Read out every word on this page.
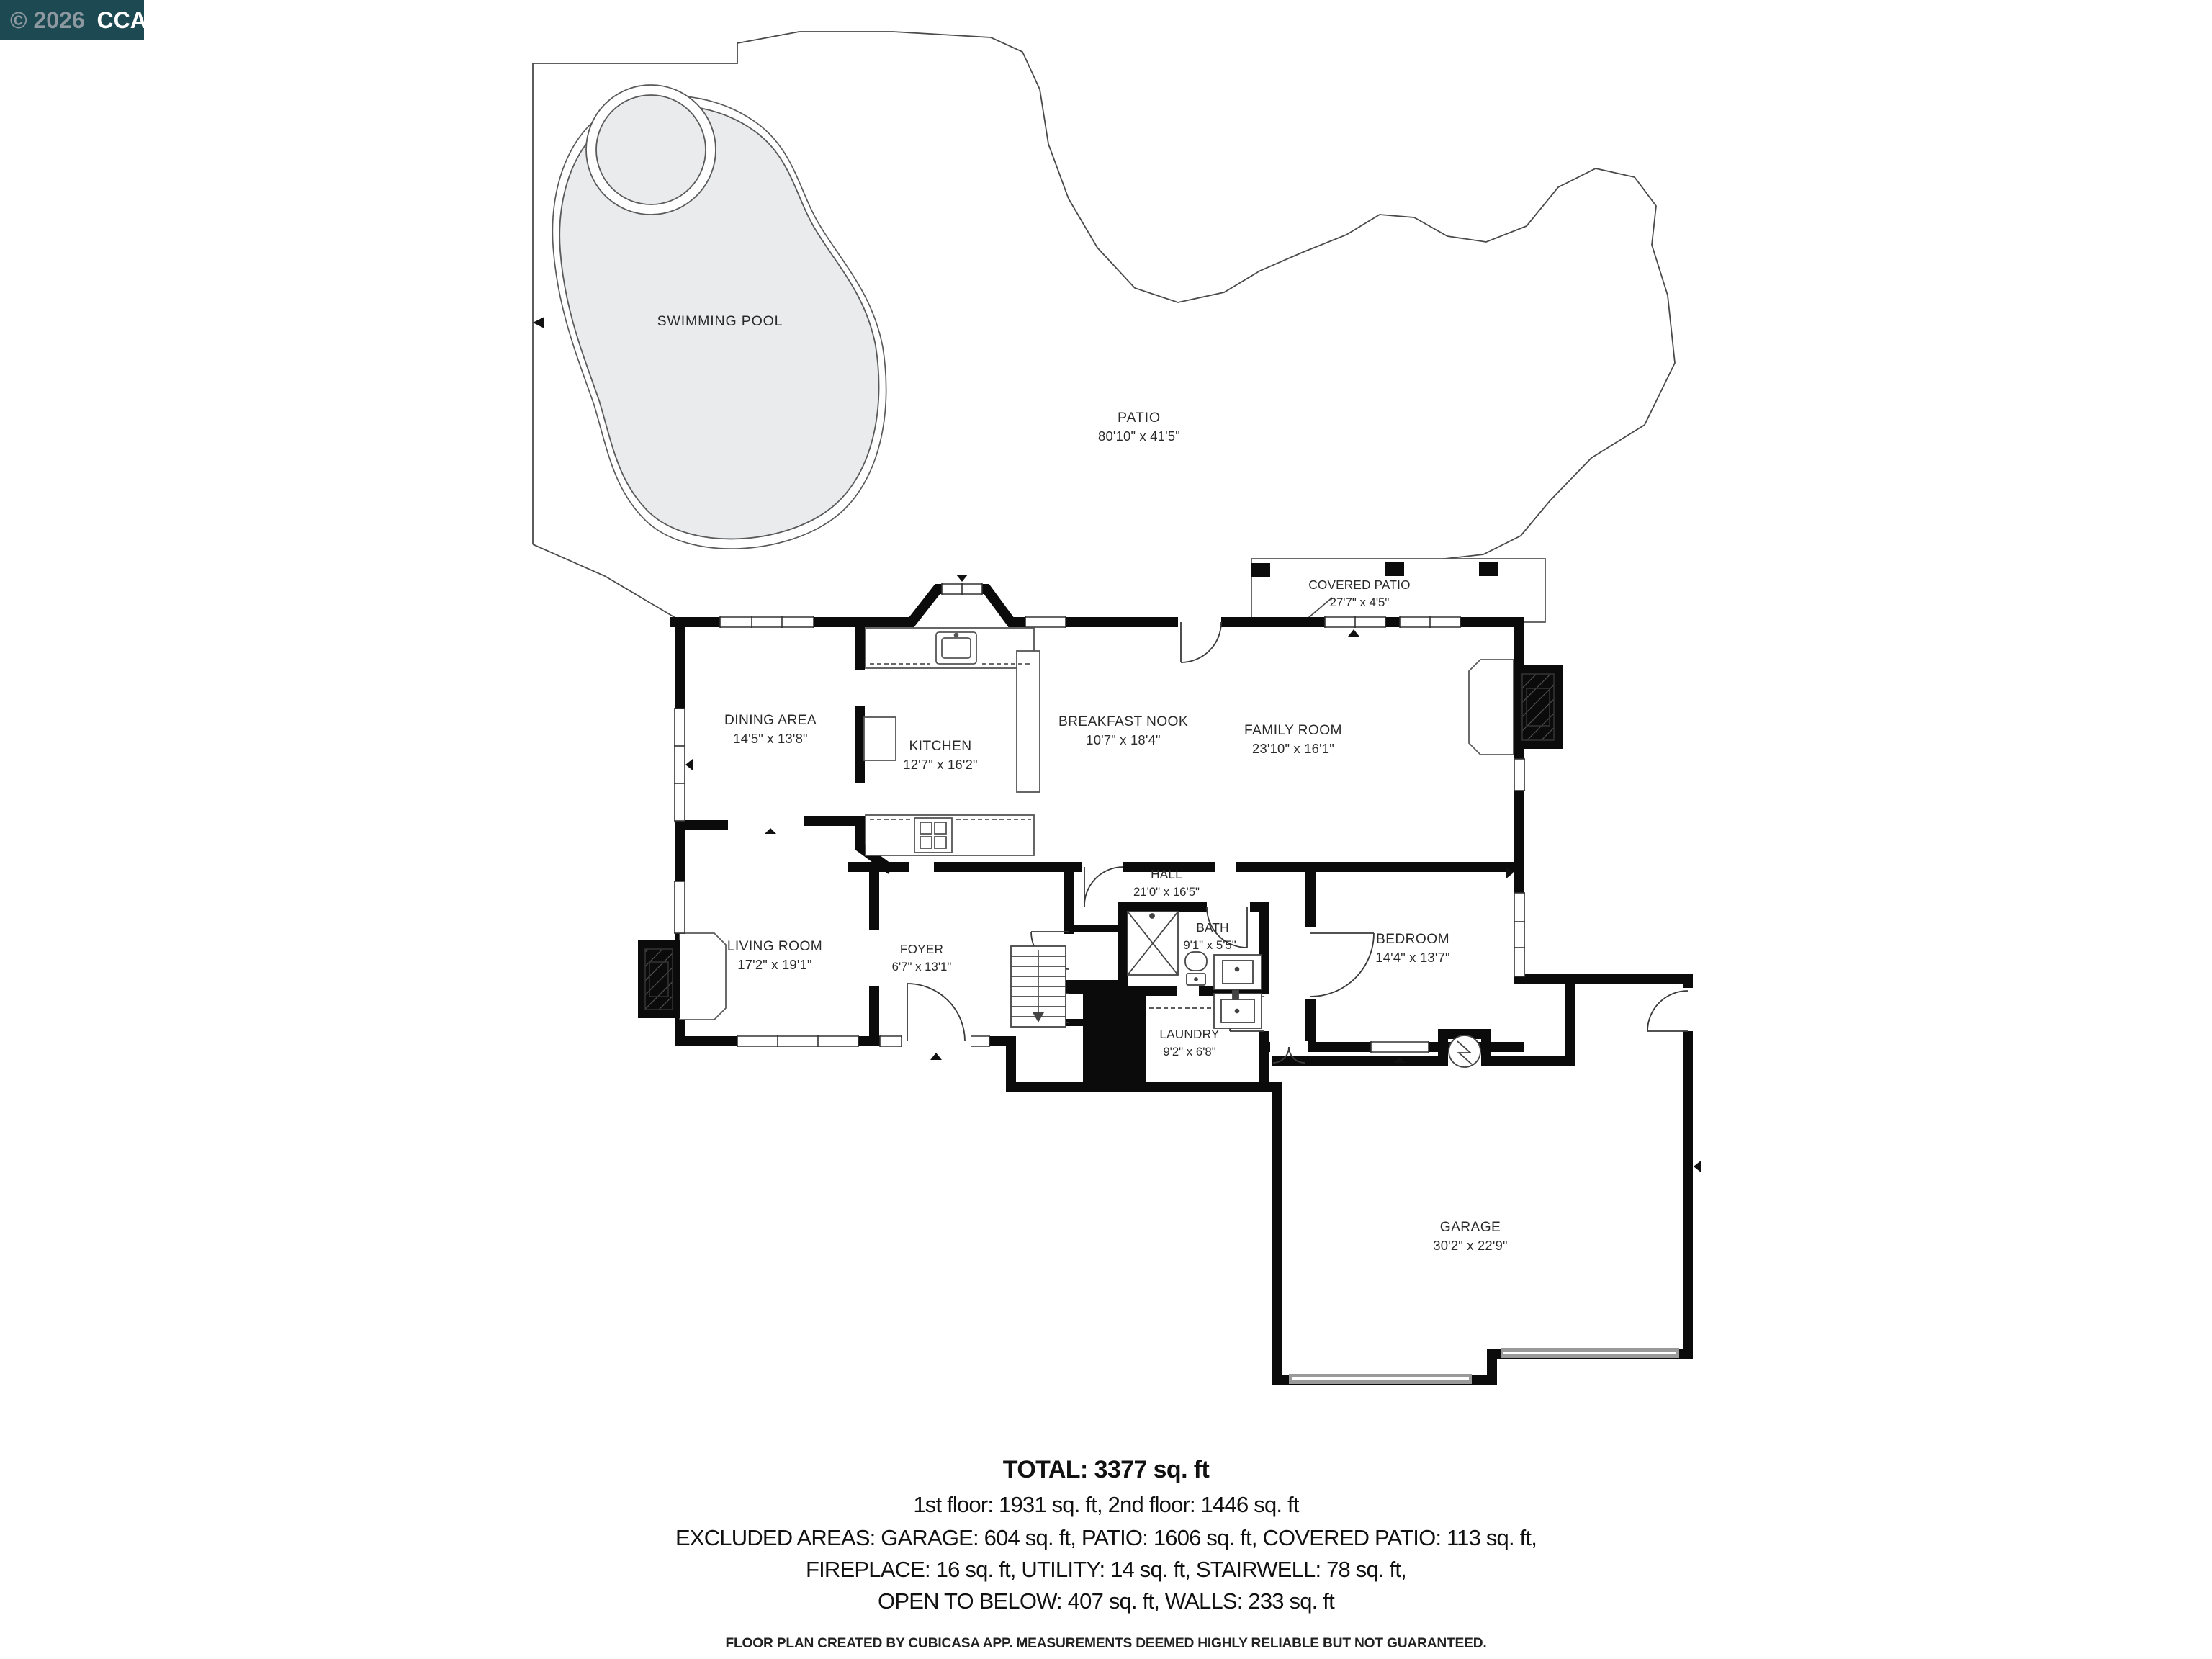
SWIMMING POOL
PATIO
80'10" x 41'5"
COVERED PATIO
27'7" x 4'5"
DINING AREA
14'5" x 13'8"
KITCHEN
12'7" x 16'2"
BREAKFAST NOOK
10'7" x 18'4"
FAMILY ROOM
23'10" x 16'1"
LIVING ROOM
17'2" x 19'1"
FOYER
6'7" x 13'1"
HALL
21'0" x 16'5"
BATH
9'1" x 5'5"
LAUNDRY
9'2" x 6'8"
BEDROOM
14'4" x 13'7"
GARAGE
30'2" x 22'9"
TOTAL: 3377 sq. ft
1st floor: 1931 sq. ft, 2nd floor: 1446 sq. ft
EXCLUDED AREAS: GARAGE: 604 sq. ft, PATIO: 1606 sq. ft, COVERED PATIO: 113 sq. ft,
FIREPLACE: 16 sq. ft, UTILITY: 14 sq. ft, STAIRWELL: 78 sq. ft,
OPEN TO BELOW: 407 sq. ft, WALLS: 233 sq. ft
FLOOR PLAN CREATED BY CUBICASA APP. MEASUREMENTS DEEMED HIGHLY RELIABLE BUT NOT GUARANTEED.
© 2026 CCAR
